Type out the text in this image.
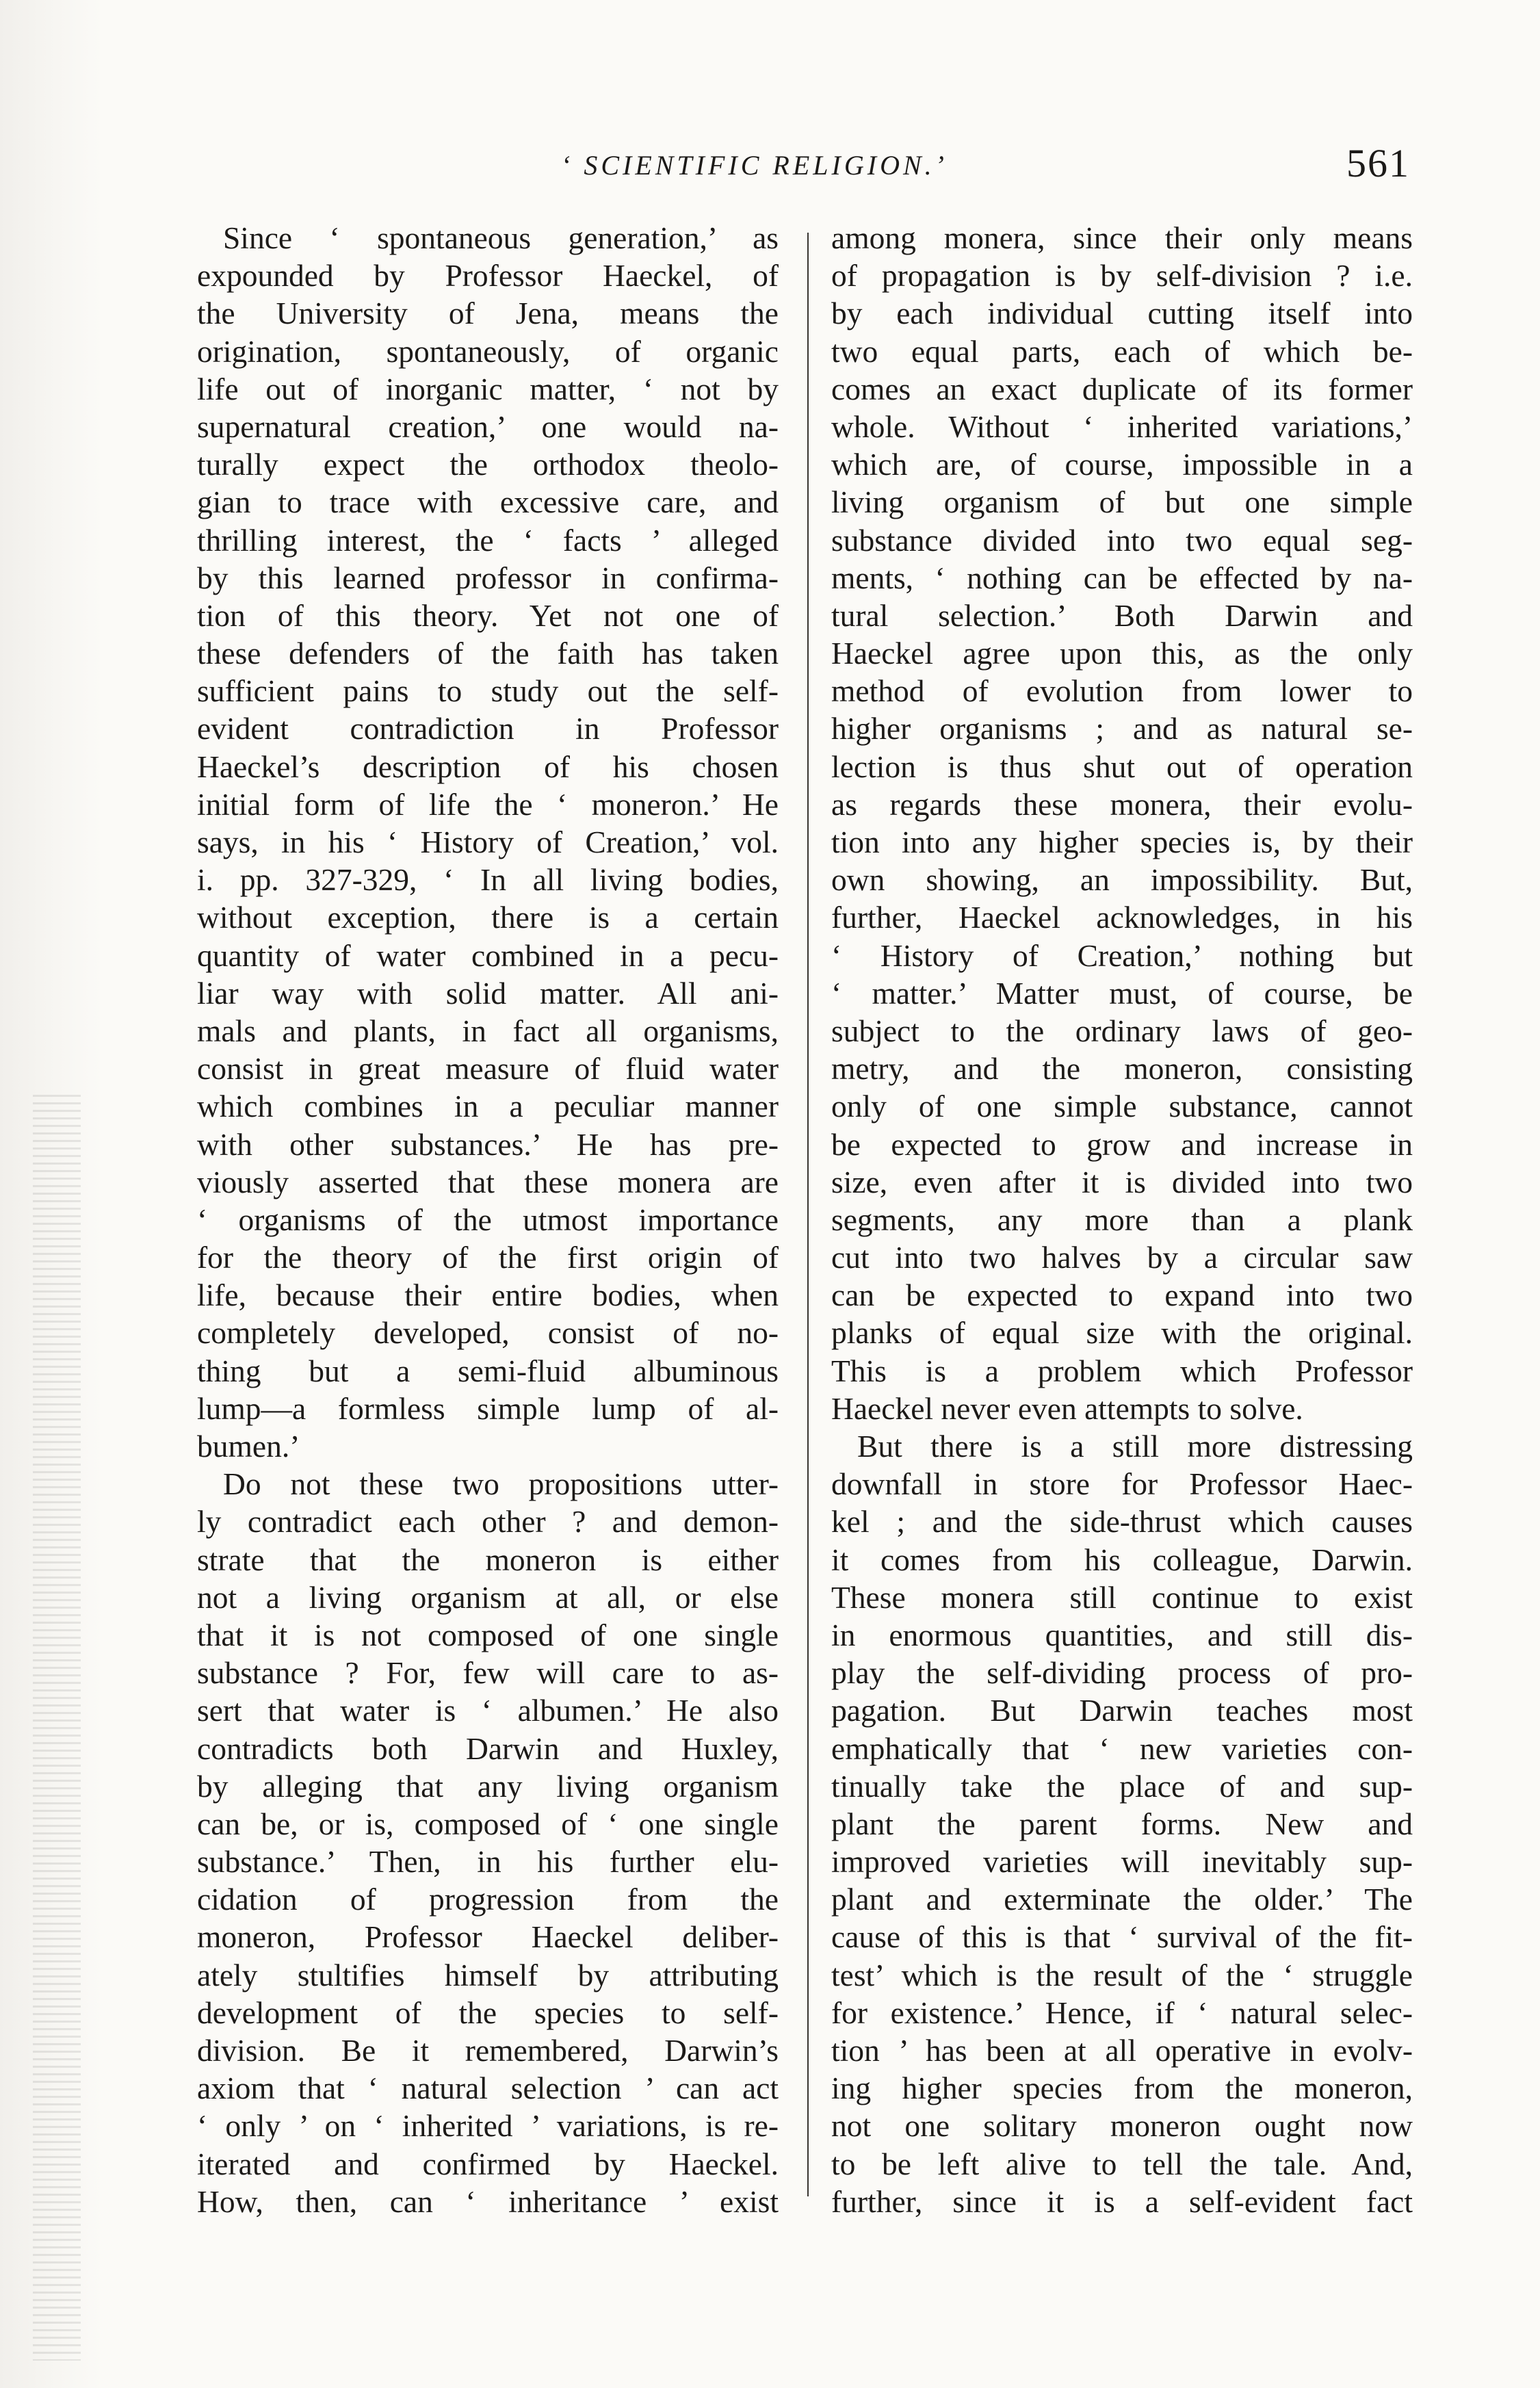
‘ SCIENTIFIC RELIGION.’	561
Since ‘ spontaneous generation,’ as
expounded by Professor Haeckel, of
the University of Jena, means the
origination, spontaneously, of organic
life out of inorganic matter, ‘ not by
supernatural creation,’ one would na-
turally expect the orthodox theolo-
gian to trace with excessive care, and
thrilling interest, the ‘ facts ’ alleged
by this learned professor in confirma-
tion of this theory. Yet not one of
these defenders of the faith has taken
sufficient pains to study out the self-
evident contradiction in Professor
Haeckel’s description of his chosen
initial form of life the ‘ moneron.’ He
says, in his ‘ History of Creation,’ vol.
i. pp. 327-329, ‘ In all living bodies,
without exception, there is a certain
quantity of water combined in a pecu-
liar way with solid matter. All ani-
mals and plants, in fact all organisms,
consist in great measure of fluid water
which combines in a peculiar manner
with other substances.’ He has pre-
viously asserted that these monera are
‘ organisms of the utmost importance
for the theory of the first origin of
life, because their entire bodies, when
completely developed, consist of no-
thing but a semi-fluid albuminous
lump—a formless simple lump of al-
bumen.’
Do not these two propositions utter-
ly contradict each other ? and demon-
strate that the moneron is either
not a living organism at all, or else
that it is not composed of one single
substance ? For, few will care to as-
sert that water is ‘ albumen.’ He also
contradicts both Darwin and Huxley,
by alleging that any living organism
can be, or is, composed of ‘ one single
substance.’ Then, in his further elu-
cidation of progression from the
moneron, Professor Haeckel deliber-
ately stultifies himself by attributing
development of the species to self-
division. Be it remembered, Darwin’s
axiom that ‘ natural selection ’ can act
‘ only ’ on ‘ inherited ’ variations, is re-
iterated and confirmed by Haeckel.
How, then, can ‘ inheritance ’ exist
among monera, since their only means
of propagation is by self-division ? i.e.
by each individual cutting itself into
two equal parts, each of which be-
comes an exact duplicate of its former
whole. Without ‘ inherited variations,’
which are, of course, impossible in a
living organism of but one simple
substance divided into two equal seg-
ments, ‘ nothing can be effected by na-
tural selection.’ Both Darwin and
Haeckel agree upon this, as the only
method of evolution from lower to
higher organisms ; and as natural se-
lection is thus shut out of operation
as regards these monera, their evolu-
tion into any higher species is, by their
own showing, an impossibility. But,
further, Haeckel acknowledges, in his
‘ History of Creation,’ nothing but
‘ matter.’ Matter must, of course, be
subject to the ordinary laws of geo-
metry, and the moneron, consisting
only of one simple substance, cannot
be expected to grow and increase in
size, even after it is divided into two
segments, any more than a plank
cut into two halves by a circular saw
can be expected to expand into two
planks of equal size with the original.
This is a problem which Professor
Haeckel never even attempts to solve.
But there is a still more distressing
downfall in store for Professor Haec-
kel ; and the side-thrust which causes
it comes from his colleague, Darwin.
These monera still continue to exist
in enormous quantities, and still dis-
play the self-dividing process of pro-
pagation. But Darwin teaches most
emphatically that ‘ new varieties con-
tinually take the place of and sup-
plant the parent forms. New and
improved varieties will inevitably sup-
plant and exterminate the older.’ The
cause of this is that ‘ survival of the fit-
test’ which is the result of the ‘ struggle
for existence.’ Hence, if ‘ natural selec-
tion ’ has been at all operative in evolv-
ing higher species from the moneron,
not one solitary moneron ought now
to be left alive to tell the tale. And,
further, since it is a self-evident fact
